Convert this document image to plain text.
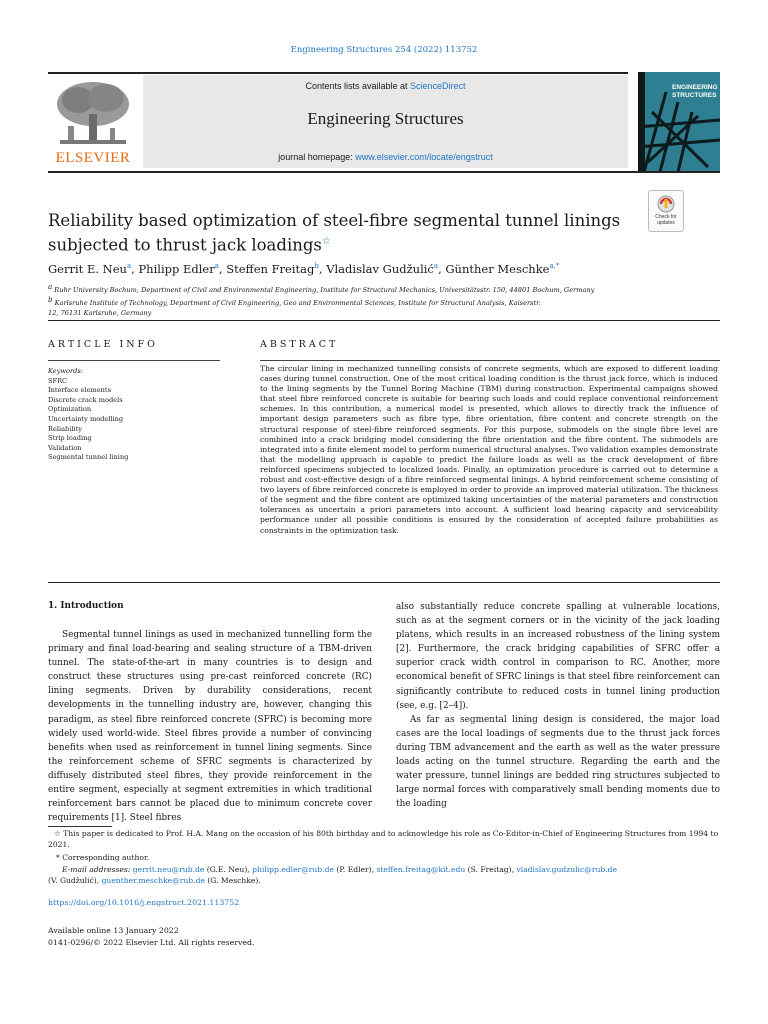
Engineering Structures 254 (2022) 113752
ELSEVIER
Contents lists available at ScienceDirect
Engineering Structures
journal homepage: www.elsevier.com/locate/engstruct
ENGINEERING
STRUCTURES
Check for
updates
Reliability based optimization of steel-fibre segmental tunnel linings
subjected to thrust jack loadings☆
Gerrit E. Neu$^a$, Philipp Edler$^a$, Steffen Freitag$^b$, Vladislav Gudžulić$^a$, Günther Meschke$^{a,*}$
$^a$ Ruhr University Bochum, Department of Civil and Environmental Engineering, Institute for Structural Mechanics, Universitätsstr. 150, 44801 Bochum, Germany
$^b$ Karlsruhe Institute of Technology, Department of Civil Engineering, Geo and Environmental Sciences, Institute for Structural Analysis, Kaiserstr.
12, 76131 Karlsruhe, Germany
ARTICLE INFO
Keywords:
SFRC
Interface elements
Discrete crack models
Optimization
Uncertainty modelling
Reliability
Strip loading
Validation
Segmental tunnel lining
ABSTRACT
The circular lining in mechanized tunnelling consists of concrete segments, which are exposed to different loading cases during tunnel construction. One of the most critical loading condition is the thrust jack force, which is induced to the lining segments by the Tunnel Boring Machine (TBM) during construction. Experimental campaigns showed that steel fibre reinforced concrete is suitable for bearing such loads and could replace conventional reinforcement schemes. In this contribution, a numerical model is presented, which allows to directly track the influence of important design parameters such as fibre type, fibre orientation, fibre content and concrete strength on the structural response of steel-fibre reinforced segments. For this purpose, submodels on the single fibre level are combined into a crack bridging model considering the fibre orientation and the fibre content. The submodels are integrated into a finite element model to perform numerical structural analyses. Two validation examples demonstrate that the modelling approach is capable to predict the failure loads as well as the crack development of fibre reinforced specimens subjected to localized loads. Finally, an optimization procedure is carried out to determine a robust and cost-effective design of a fibre reinforced segmental linings. A hybrid reinforcement scheme consisting of two layers of fibre reinforced concrete is employed in order to provide an improved material utilization. The thickness of the segment and the fibre content are optimized taking uncertainties of the material parameters and construction tolerances as uncertain a priori parameters into account. A sufficient load bearing capacity and serviceability performance under all possible conditions is ensured by the consideration of accepted failure probabilities as constraints in the optimization task.
1. Introduction

Segmental tunnel linings as used in mechanized tunnelling form the primary and final load-bearing and sealing structure of a TBM-driven tunnel. The state-of-the-art in many countries is to design and construct these structures using pre-cast reinforced concrete (RC) lining segments. Driven by durability considerations, recent developments in the tunnelling industry are, however, changing this paradigm, as steel fibre reinforced concrete (SFRC) is becoming more widely used world-wide. Steel fibres provide a number of convincing benefits when used as reinforcement in tunnel lining segments. Since the reinforcement scheme of SFRC segments is characterized by diffusely distributed steel fibres, they provide reinforcement in the entire segment, especially at segment extremities in which traditional reinforcement bars cannot be placed due to minimum concrete cover requirements [1]. Steel fibres

also substantially reduce concrete spalling at vulnerable locations, such as at the segment corners or in the vicinity of the jack loading platens, which results in an increased robustness of the lining system [2]. Furthermore, the crack bridging capabilities of SFRC offer a superior crack width control in comparison to RC. Another, more economical benefit of SFRC linings is that steel fibre reinforcement can significantly contribute to reduced costs in tunnel lining production (see, e.g. [2–4]).

As far as segmental lining design is considered, the major load cases are the local loadings of segments due to the thrust jack forces during TBM advancement and the earth as well as the water pressure loads acting on the tunnel structure. Regarding the earth and the water pressure, tunnel linings are bedded ring structures subjected to large normal forces with comparatively small bending moments due to the loading

☆ This paper is dedicated to Prof. H.A. Mang on the occasion of his 80th birthday and to acknowledge his role as Co-Editor-in-Chief of Engineering Structures from 1994 to 2021.
* Corresponding author.
E-mail addresses: gerrit.neu@rub.de (G.E. Neu), philipp.edler@rub.de (P. Edler), steffen.freitag@kit.edu (S. Freitag), vladislav.gudzulic@rub.de
(V. Gudžulić), guenther.meschke@rub.de (G. Meschke).
https://doi.org/10.1016/j.engstruct.2021.113752
Available online 13 January 2022
0141-0296/© 2022 Elsevier Ltd. All rights reserved.
